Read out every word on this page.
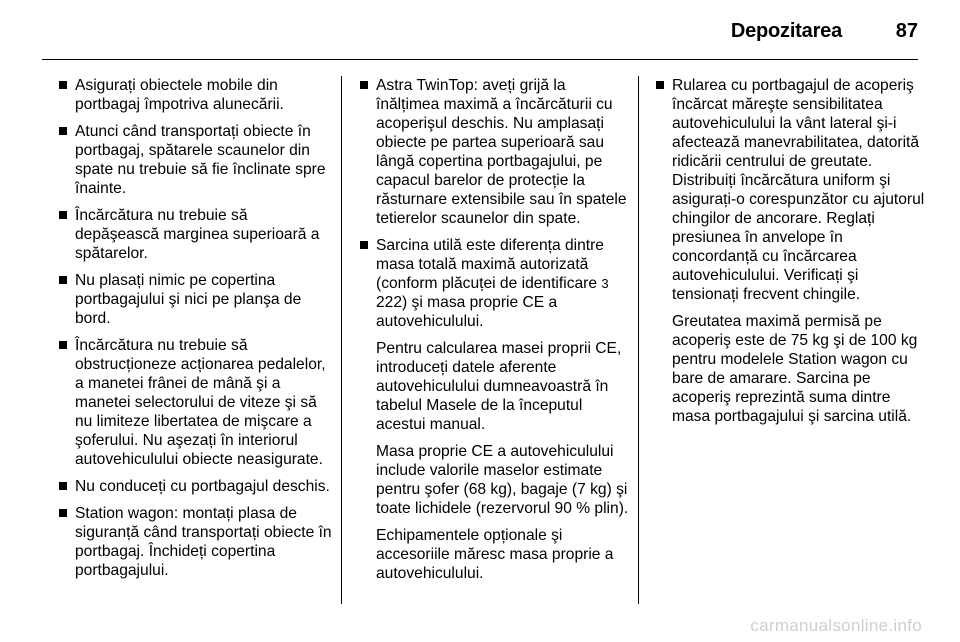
Depozitarea	87

Asigurați obiectele mobile din portbagaj împotriva alunecării.

Atunci când transportați obiecte în portbagaj, spătarele scaunelor din spate nu trebuie să fie înclinate spre înainte.

Încărcătura nu trebuie să depăşească marginea superioară a spătarelor.

Nu plasați nimic pe copertina portbagajului şi nici pe planşa de bord.

Încărcătura nu trebuie să obstrucționeze acționarea pedalelor, a manetei frânei de mână şi a manetei selectorului de viteze şi să nu limiteze libertatea de mişcare a şoferului. Nu aşezați în interiorul autovehiculului obiecte neasigurate.

Nu conduceți cu portbagajul deschis.

Station wagon: montați plasa de siguranță când transportați obiecte în portbagaj. Închideți copertina portbagajului.

Astra TwinTop: aveți grijă la înălțimea maximă a încărcăturii cu acoperişul deschis. Nu amplasați obiecte pe partea superioară sau lângă copertina portbagajului, pe capacul barelor de protecție la răsturnare extensibile sau în spatele tetierelor scaunelor din spate.

Sarcina utilă este diferența dintre masa totală maximă autorizată (conform plăcuței de identificare 3 222) şi masa proprie CE a autovehiculului.

Pentru calcularea masei proprii CE, introduceți datele aferente autovehiculului dumneavoastră în tabelul Masele de la începutul acestui manual.

Masa proprie CE a autovehiculului include valorile maselor estimate pentru şofer (68 kg), bagaje (7 kg) şi toate lichidele (rezervorul 90 % plin).

Echipamentele opționale şi accesoriile măresc masa proprie a autovehiculului.

Rularea cu portbagajul de acoperiş încărcat măreşte sensibilitatea autovehiculului la vânt lateral şi-i afectează manevrabilitatea, datorită ridicării centrului de greutate. Distribuiți încărcătura uniform şi asigurați-o corespunzător cu ajutorul chingilor de ancorare. Reglați presiunea în anvelope în concordanță cu încărcarea autovehiculului. Verificați şi tensionați frecvent chingile.

Greutatea maximă permisă pe acoperiş este de 75 kg şi de 100 kg pentru modelele Station wagon cu bare de amarare. Sarcina pe acoperiş reprezintă suma dintre masa portbagajului şi sarcina utilă.

carmanualsonline.info
